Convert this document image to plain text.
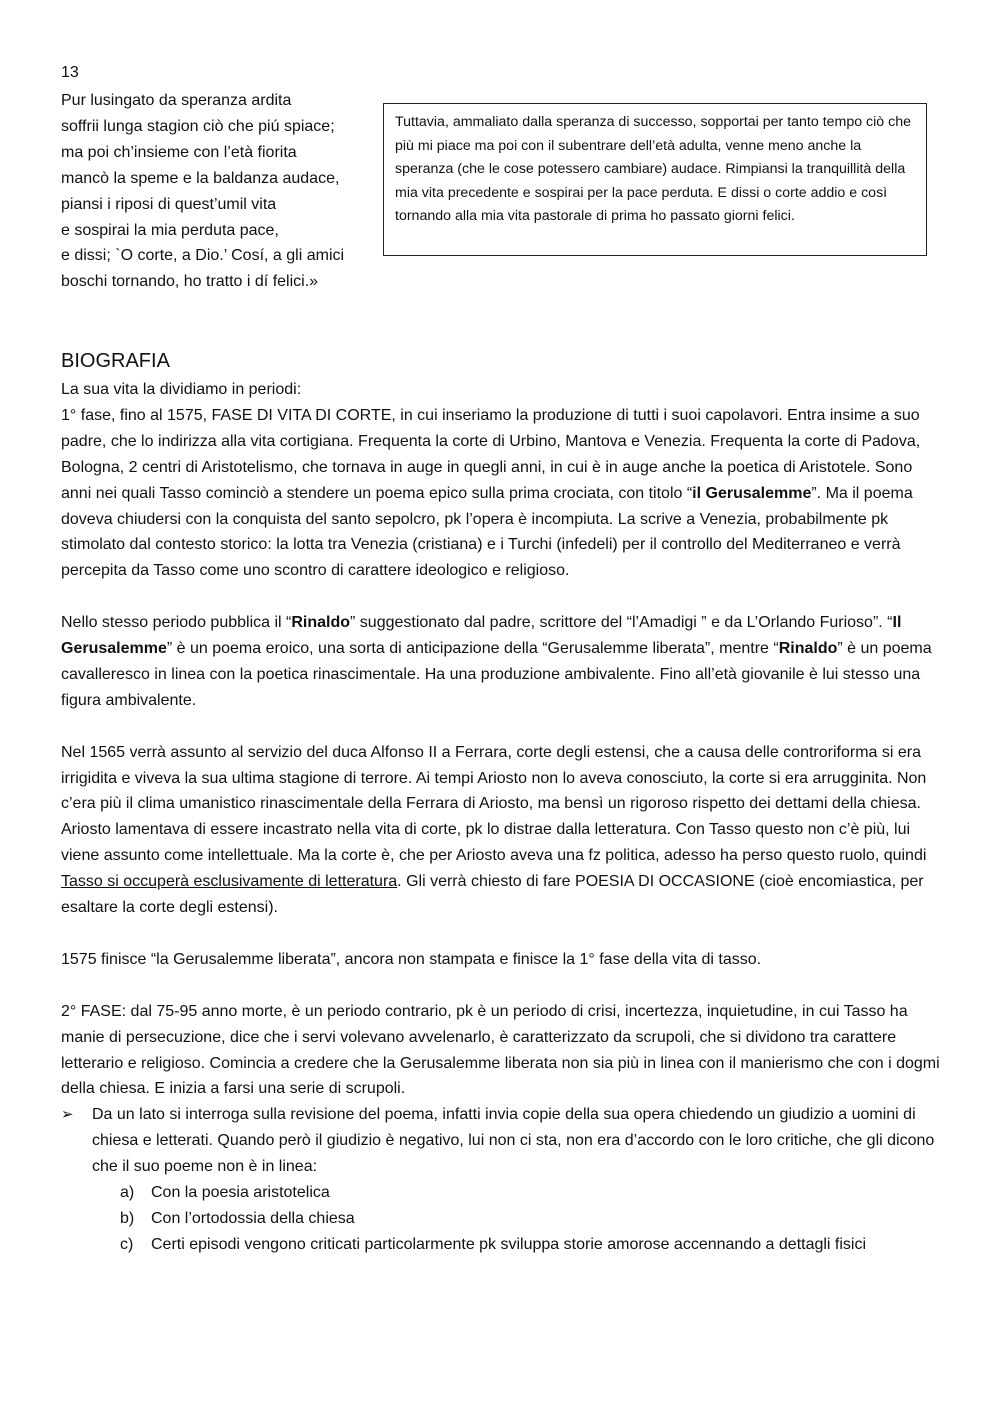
13
Pur lusingato da speranza ardita
soffrii lunga stagion ciò che piú spiace;
ma poi ch’insieme con l’età fiorita
mancò la speme e la baldanza audace,
piansi i riposi di quest’umil vita
e sospirai la mia perduta pace,
e dissi; `O corte, a Dio.’ Cosí, a gli amici
boschi tornando, ho tratto i dí felici.»
Tuttavia, ammaliato dalla speranza di successo, sopportai per tanto tempo ciò che più mi piace ma poi con il subentrare dell’età adulta, venne meno anche la speranza (che le cose potessero cambiare) audace. Rimpiansi la tranquillità della mia vita precedente e sospirai per la pace perduta. E dissi o corte addio e così tornando alla mia vita pastorale di prima ho passato giorni felici.
BIOGRAFIA

La sua vita la dividiamo in periodi:

1° fase, fino al 1575, FASE DI VITA DI CORTE, in cui inseriamo la produzione di tutti i suoi capolavori. Entra insime a suo padre, che lo indirizza alla vita cortigiana. Frequenta la corte di Urbino, Mantova e Venezia. Frequenta la corte di Padova, Bologna, 2 centri di Aristotelismo, che tornava in auge in quegli anni, in cui è in auge anche la poetica di Aristotele. Sono anni nei quali Tasso cominciò a stendere un poema epico sulla prima crociata, con titolo “il Gerusalemme”. Ma il poema doveva chiudersi con la conquista del santo sepolcro, pk l’opera è incompiuta. La scrive a Venezia, probabilmente pk stimolato dal contesto storico: la lotta tra Venezia (cristiana) e i Turchi (infedeli) per il controllo del Mediterraneo e verrà percepita da Tasso come uno scontro di carattere ideologico e religioso.

Nello stesso periodo pubblica il “Rinaldo” suggestionato dal padre, scrittore del “l’Amadigi ” e da L’Orlando Furioso”. “Il Gerusalemme” è un poema eroico, una sorta di anticipazione della “Gerusalemme liberata”, mentre “Rinaldo” è un poema cavalleresco in linea con la poetica rinascimentale. Ha una produzione ambivalente. Fino all’età giovanile è lui stesso una figura ambivalente.

Nel 1565 verrà assunto al servizio del duca Alfonso II a Ferrara, corte degli estensi, che a causa delle controriforma si era irrigidita e viveva la sua ultima stagione di terrore. Ai tempi Ariosto non lo aveva conosciuto, la corte si era arrugginita. Non c’era più il clima umanistico rinascimentale della Ferrara di Ariosto, ma bensì un rigoroso rispetto dei dettami della chiesa.

Ariosto lamentava di essere incastrato nella vita di corte, pk lo distrae dalla letteratura. Con Tasso questo non c’è più, lui viene assunto come intellettuale. Ma la corte è, che per Ariosto aveva una fz politica, adesso ha perso questo ruolo, quindi Tasso si occuperà esclusivamente di letteratura. Gli verrà chiesto di fare POESIA DI OCCASIONE (cioè encomiastica, per esaltare la corte degli estensi).

1575 finisce “la Gerusalemme liberata”, ancora non stampata e finisce la 1° fase della vita di tasso.

2° FASE: dal 75-95 anno morte, è un periodo contrario, pk è un periodo di crisi, incertezza, inquietudine, in cui Tasso ha manie di persecuzione, dice che i servi volevano avvelenarlo, è caratterizzato da scrupoli, che si dividono tra carattere letterario e religioso. Comincia a credere che la Gerusalemme liberata non sia più in linea con il manierismo che con i dogmi della chiesa. E inizia a farsi una serie di scrupoli.

➢ Da un lato si interroga sulla revisione del poema, infatti invia copie della sua opera chiedendo un giudizio a uomini di chiesa e letterati. Quando però il giudizio è negativo, lui non ci sta, non era d’accordo con le loro critiche, che gli dicono che il suo poeme non è in linea:
a) Con la poesia aristotelica
b) Con l’ortodossia della chiesa
c) Certi episodi vengono criticati particolarmente pk sviluppa storie amorose accennando a dettagli fisici
